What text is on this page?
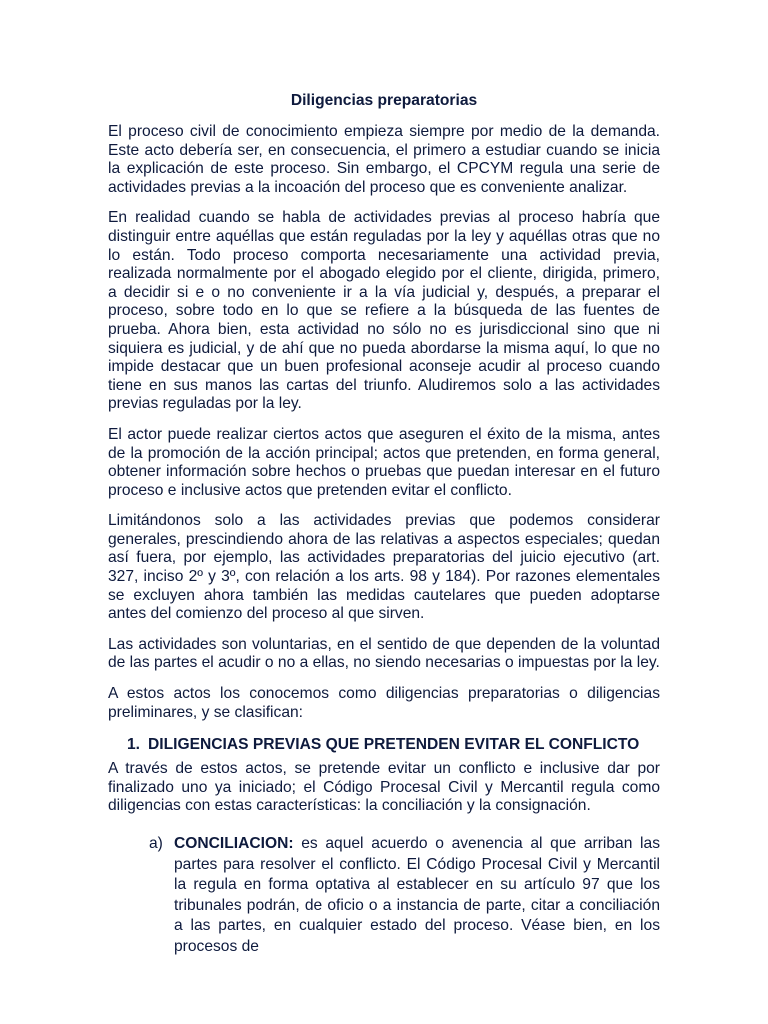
Diligencias preparatorias

El proceso civil de conocimiento empieza siempre por medio de la demanda. Este acto debería ser, en consecuencia, el primero a estudiar cuando se inicia la explicación de este proceso. Sin embargo, el CPCYM regula una serie de actividades previas a la incoación del proceso que es conveniente analizar.

En realidad cuando se habla de actividades previas al proceso habría que distinguir entre aquéllas que están reguladas por la ley y aquéllas otras que no lo están. Todo proceso comporta necesariamente una actividad previa, realizada normalmente por el abogado elegido por el cliente, dirigida, primero, a decidir si e o no conveniente ir a la vía judicial y, después, a preparar el proceso, sobre todo en lo que se refiere a la búsqueda de las fuentes de prueba. Ahora bien, esta actividad no sólo no es jurisdiccional sino que ni siquiera es judicial, y de ahí que no pueda abordarse la misma aquí, lo que no impide destacar que un buen profesional aconseje acudir al proceso cuando tiene en sus manos las cartas del triunfo. Aludiremos solo a las actividades previas reguladas por la ley.

El actor puede realizar ciertos actos que aseguren el éxito de la misma, antes de la promoción de la acción principal; actos que pretenden, en forma general, obtener información sobre hechos o pruebas que puedan interesar en el futuro proceso e inclusive actos que pretenden evitar el conflicto.

Limitándonos solo a las actividades previas que podemos considerar generales, prescindiendo ahora de las relativas a aspectos especiales; quedan así fuera, por ejemplo, las actividades preparatorias del juicio ejecutivo (art. 327, inciso 2º y 3º, con relación a los arts. 98 y 184). Por razones elementales se excluyen ahora también las medidas cautelares que pueden adoptarse antes del comienzo del proceso al que sirven.

Las actividades son voluntarias, en el sentido de que dependen de la voluntad de las partes el acudir o no a ellas, no siendo necesarias o impuestas por la ley.

A estos actos los conocemos como diligencias preparatorias o diligencias preliminares, y se clasifican:

1. DILIGENCIAS PREVIAS QUE PRETENDEN EVITAR EL CONFLICTO

A través de estos actos, se pretende evitar un conflicto e inclusive dar por finalizado uno ya iniciado; el Código Procesal Civil y Mercantil regula como diligencias con estas características: la conciliación y la consignación.

a) CONCILIACION: es aquel acuerdo o avenencia al que arriban las partes para resolver el conflicto. El Código Procesal Civil y Mercantil la regula en forma optativa al establecer en su artículo 97 que los tribunales podrán, de oficio o a instancia de parte, citar a conciliación a las partes, en cualquier estado del proceso. Véase bien, en los procesos de
